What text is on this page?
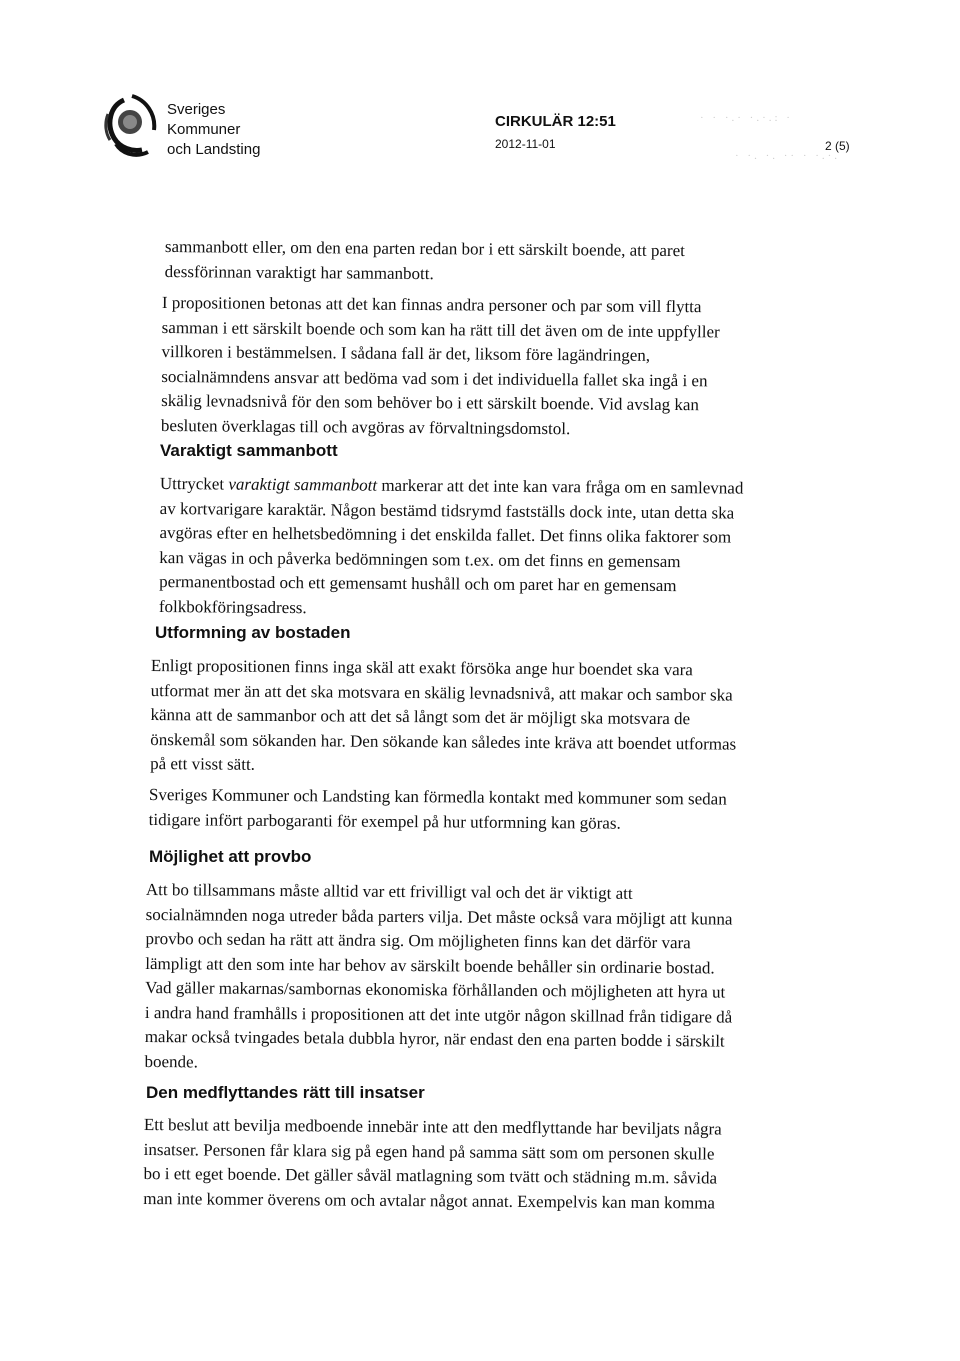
Sveriges
Kommuner
och Landsting
CIRKULÄR 12:51
2012-11-01	2 (5)
· · ·.· ·.·.: ·
· ·. ·. ·· · ·.·.
sammanbott eller, om den ena parten redan bor i ett särskilt boende, att paret
dessförinnan varaktigt har sammanbott.
I propositionen betonas att det kan finnas andra personer och par som vill flytta
samman i ett särskilt boende och som kan ha rätt till det även om de inte uppfyller
villkoren i bestämmelsen. I sådana fall är det, liksom före lagändringen,
socialnämndens ansvar att bedöma vad som i det individuella fallet ska ingå i en
skälig levnadsnivå för den som behöver bo i ett särskilt boende. Vid avslag kan
besluten överklagas till och avgöras av förvaltningsdomstol.
Varaktigt sammanbott
Uttrycket varaktigt sammanbott markerar att det inte kan vara fråga om en samlevnad
av kortvarigare karaktär. Någon bestämd tidsrymd fastställs dock inte, utan detta ska
avgöras efter en helhetsbedömning i det enskilda fallet. Det finns olika faktorer som
kan vägas in och påverka bedömningen som t.ex. om det finns en gemensam
permanentbostad och ett gemensamt hushåll och om paret har en gemensam
folkbokföringsadress.
Utformning av bostaden
Enligt propositionen finns inga skäl att exakt försöka ange hur boendet ska vara
utformat mer än att det ska motsvara en skälig levnadsnivå, att makar och sambor ska
känna att de sammanbor och att det så långt som det är möjligt ska motsvara de
önskemål som sökanden har. Den sökande kan således inte kräva att boendet utformas
på ett visst sätt.
Sveriges Kommuner och Landsting kan förmedla kontakt med kommuner som sedan
tidigare infört parbogaranti för exempel på hur utformning kan göras.
Möjlighet att provbo
Att bo tillsammans måste alltid var ett frivilligt val och det är viktigt att
socialnämnden noga utreder båda parters vilja. Det måste också vara möjligt att kunna
provbo och sedan ha rätt att ändra sig. Om möjligheten finns kan det därför vara
lämpligt att den som inte har behov av särskilt boende behåller sin ordinarie bostad.
Vad gäller makarnas/sambornas ekonomiska förhållanden och möjligheten att hyra ut
i andra hand framhålls i propositionen att det inte utgör någon skillnad från tidigare då
makar också tvingades betala dubbla hyror, när endast den ena parten bodde i särskilt
boende.
Den medflyttandes rätt till insatser
Ett beslut att bevilja medboende innebär inte att den medflyttande har beviljats några
insatser. Personen får klara sig på egen hand på samma sätt som om personen skulle
bo i ett eget boende. Det gäller såväl matlagning som tvätt och städning m.m. såvida
man inte kommer överens om och avtalar något annat. Exempelvis kan man komma
